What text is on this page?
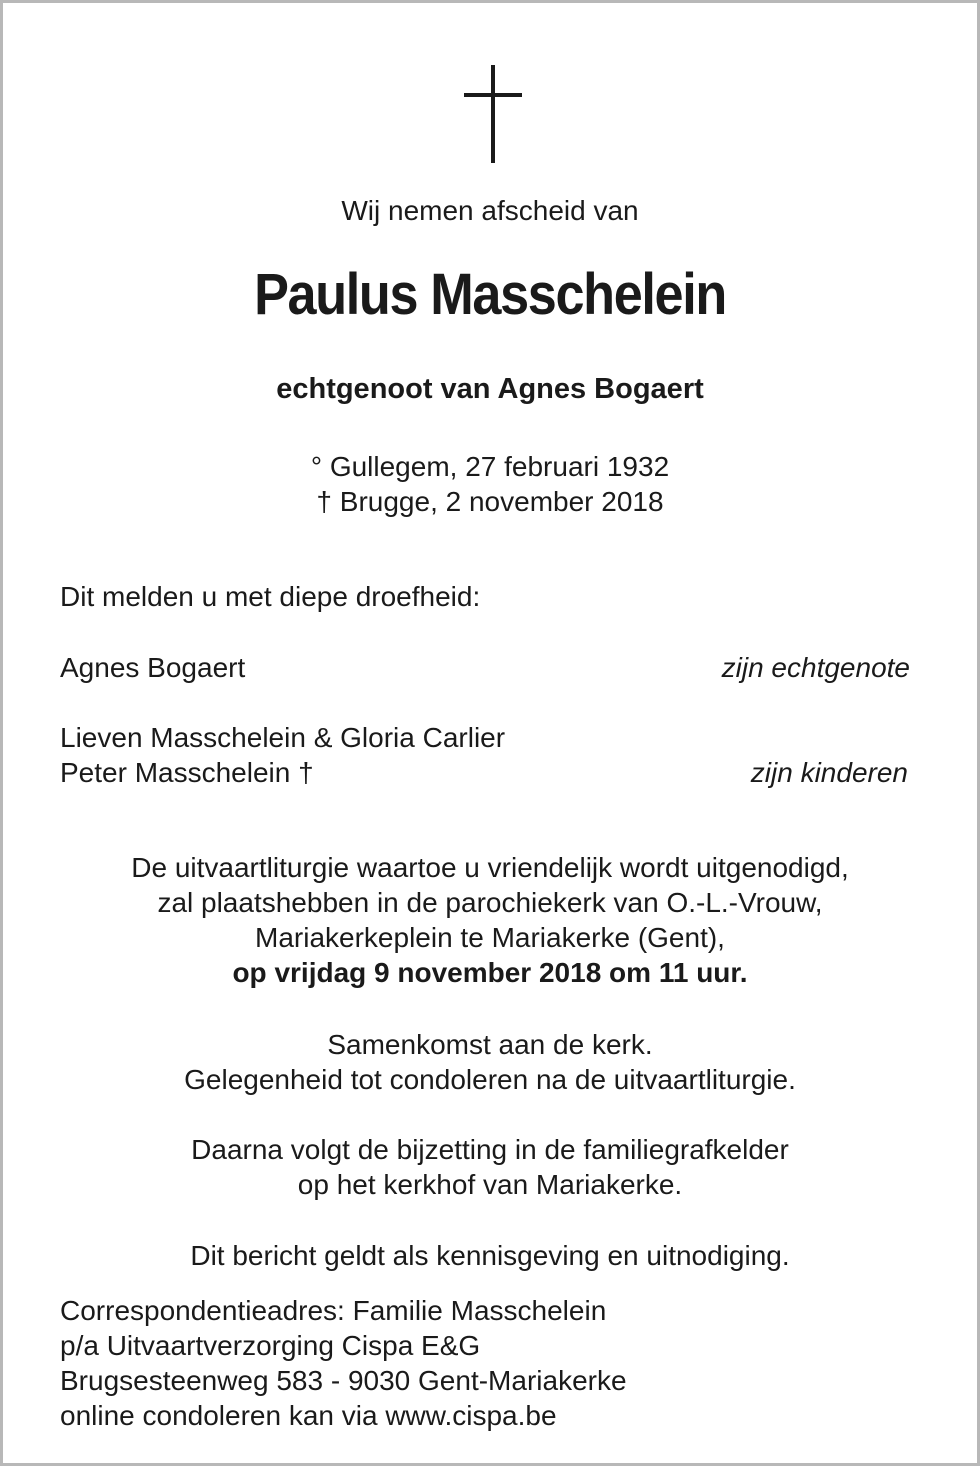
Wij nemen afscheid van
Paulus Masschelein
echtgenoot van Agnes Bogaert
° Gullegem, 27 februari 1932
† Brugge, 2 november 2018
Dit melden u met diepe droefheid:
Agnes Bogaert	zijn echtgenote
Lieven Masschelein & Gloria Carlier
Peter Masschelein †	zijn kinderen
De uitvaartliturgie waartoe u vriendelijk wordt uitgenodigd,
zal plaatshebben in de parochiekerk van O.-L.-Vrouw,
Mariakerkeplein te Mariakerke (Gent),
op vrijdag 9 november 2018 om 11 uur.
Samenkomst aan de kerk.
Gelegenheid tot condoleren na de uitvaartliturgie.
Daarna volgt de bijzetting in de familiegrafkelder
op het kerkhof van Mariakerke.
Dit bericht geldt als kennisgeving en uitnodiging.
Correspondentieadres: Familie Masschelein
p/a Uitvaartverzorging Cispa E&G
Brugsesteenweg 583 - 9030 Gent-Mariakerke
online condoleren kan via www.cispa.be
